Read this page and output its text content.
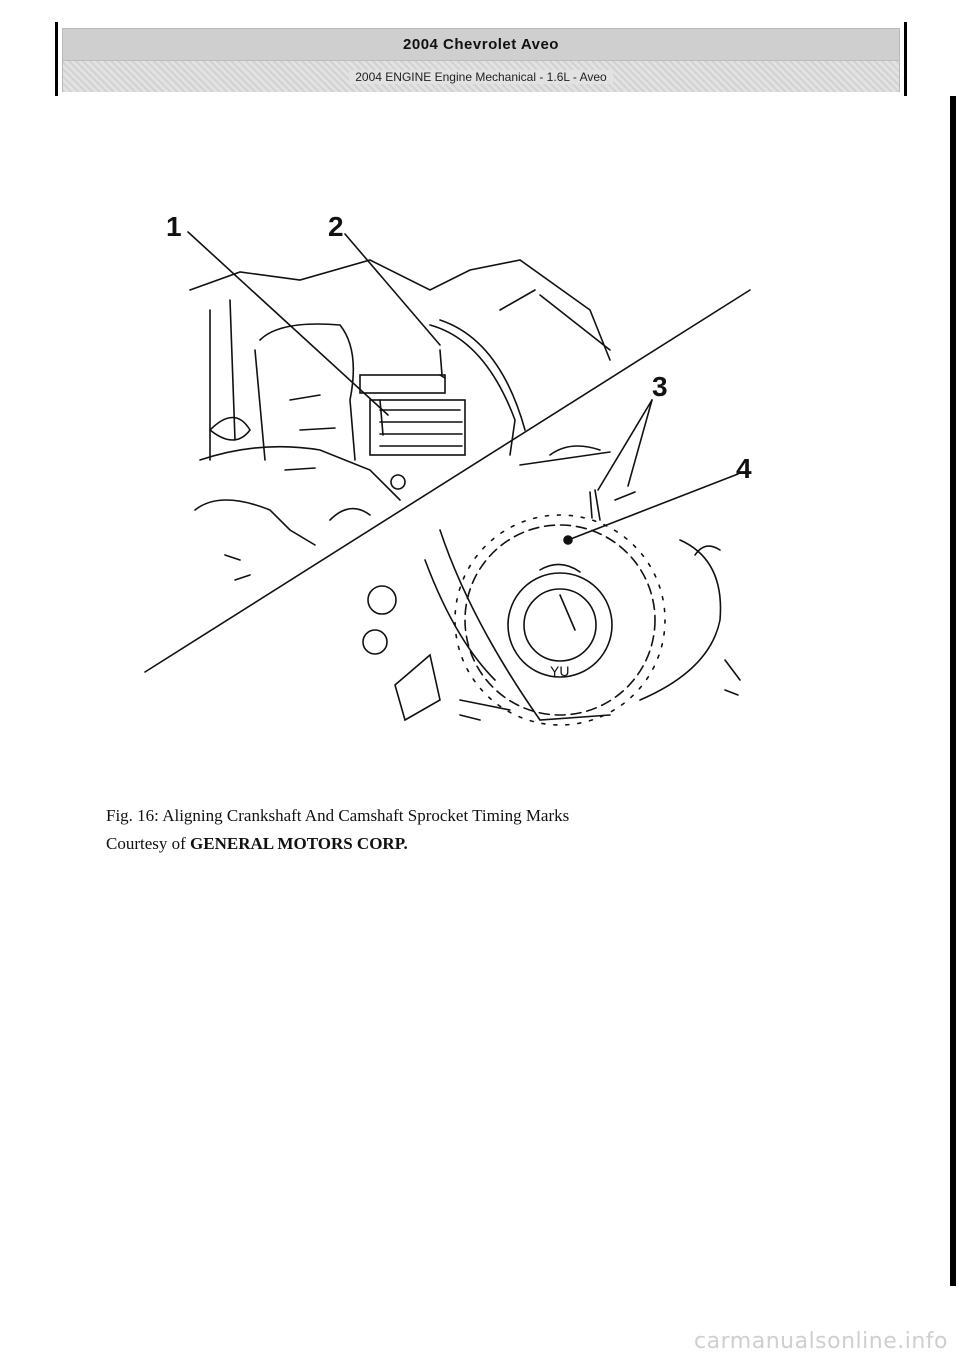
2004 Chevrolet Aveo
2004 ENGINE Engine Mechanical - 1.6L - Aveo
1	2
3
4
YU
Fig. 16: Aligning Crankshaft And Camshaft Sprocket Timing Marks
Courtesy of GENERAL MOTORS CORP.
carmanualsonline.info
